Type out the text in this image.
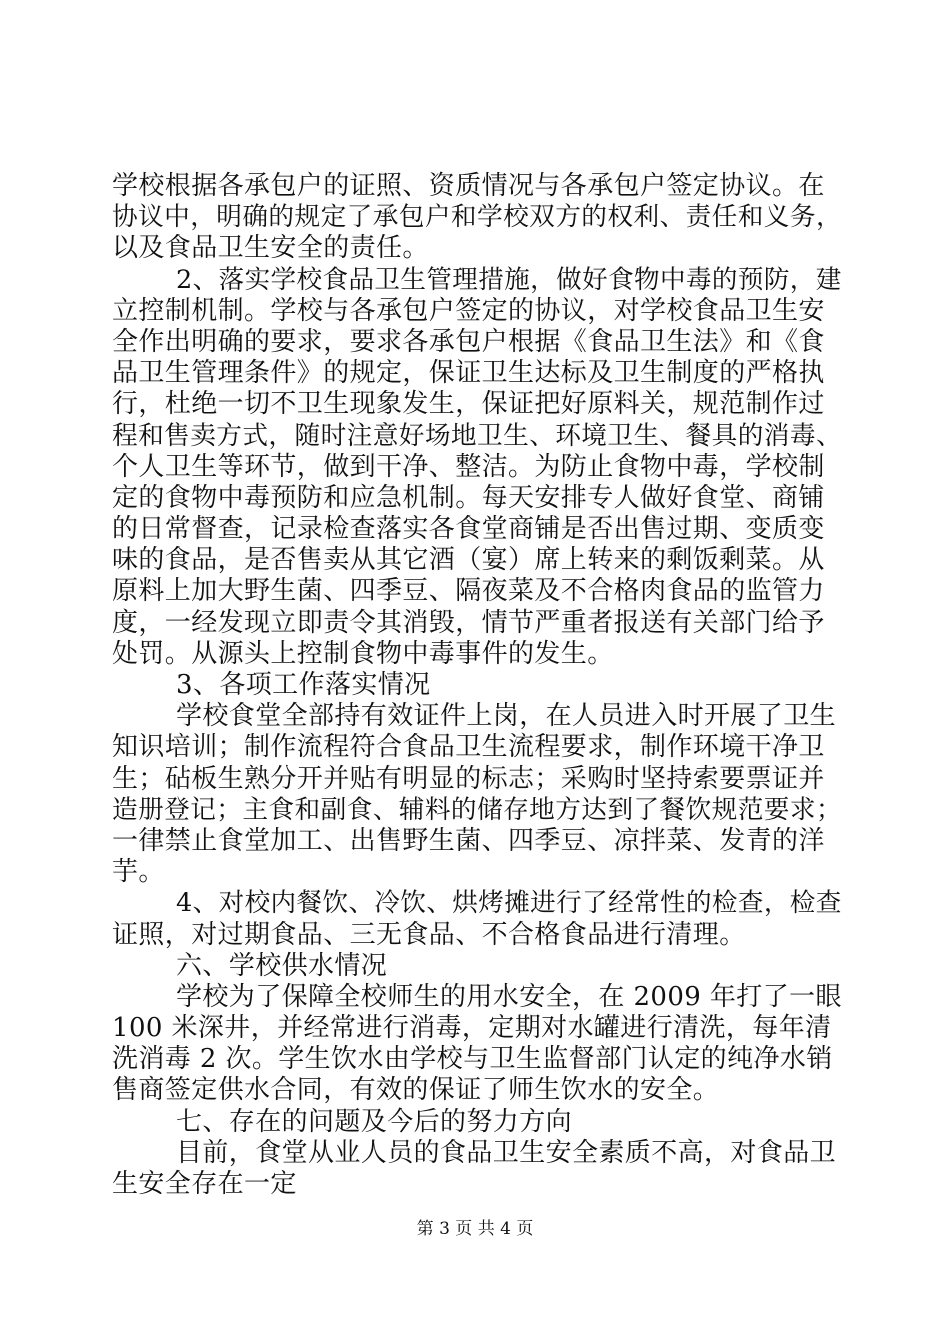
学校根据各承包户的证照、资质情况与各承包户签定协议。在
协议中，明确的规定了承包户和学校双方的权利、责任和义务，
以及食品卫生安全的责任。
2、落实学校食品卫生管理措施，做好食物中毒的预防，建
立控制机制。学校与各承包户签定的协议，对学校食品卫生安
全作出明确的要求，要求各承包户根据《食品卫生法》和《食
品卫生管理条件》的规定，保证卫生达标及卫生制度的严格执
行，杜绝一切不卫生现象发生，保证把好原料关，规范制作过
程和售卖方式，随时注意好场地卫生、环境卫生、餐具的消毒、
个人卫生等环节，做到干净、整洁。为防止食物中毒，学校制
定的食物中毒预防和应急机制。每天安排专人做好食堂、商铺
的日常督查，记录检查落实各食堂商铺是否出售过期、变质变
味的食品，是否售卖从其它酒（宴）席上转来的剩饭剩菜。从
原料上加大野生菌、四季豆、隔夜菜及不合格肉食品的监管力
度，一经发现立即责令其消毁，情节严重者报送有关部门给予
处罚。从源头上控制食物中毒事件的发生。
3、各项工作落实情况
学校食堂全部持有效证件上岗，在人员进入时开展了卫生
知识培训；制作流程符合食品卫生流程要求，制作环境干净卫
生；砧板生熟分开并贴有明显的标志；采购时坚持索要票证并
造册登记；主食和副食、辅料的储存地方达到了餐饮规范要求；
一律禁止食堂加工、出售野生菌、四季豆、凉拌菜、发青的洋
芋。
4、对校内餐饮、冷饮、烘烤摊进行了经常性的检查，检查
证照，对过期食品、三无食品、不合格食品进行清理。
六、学校供水情况
学校为了保障全校师生的用水安全，在 2009 年打了一眼
100 米深井，并经常进行消毒，定期对水罐进行清洗，每年清
洗消毒 2 次。学生饮水由学校与卫生监督部门认定的纯净水销
售商签定供水合同，有效的保证了师生饮水的安全。
七、存在的问题及今后的努力方向
目前，食堂从业人员的食品卫生安全素质不高，对食品卫
生安全存在一定
第 3 页 共 4 页
